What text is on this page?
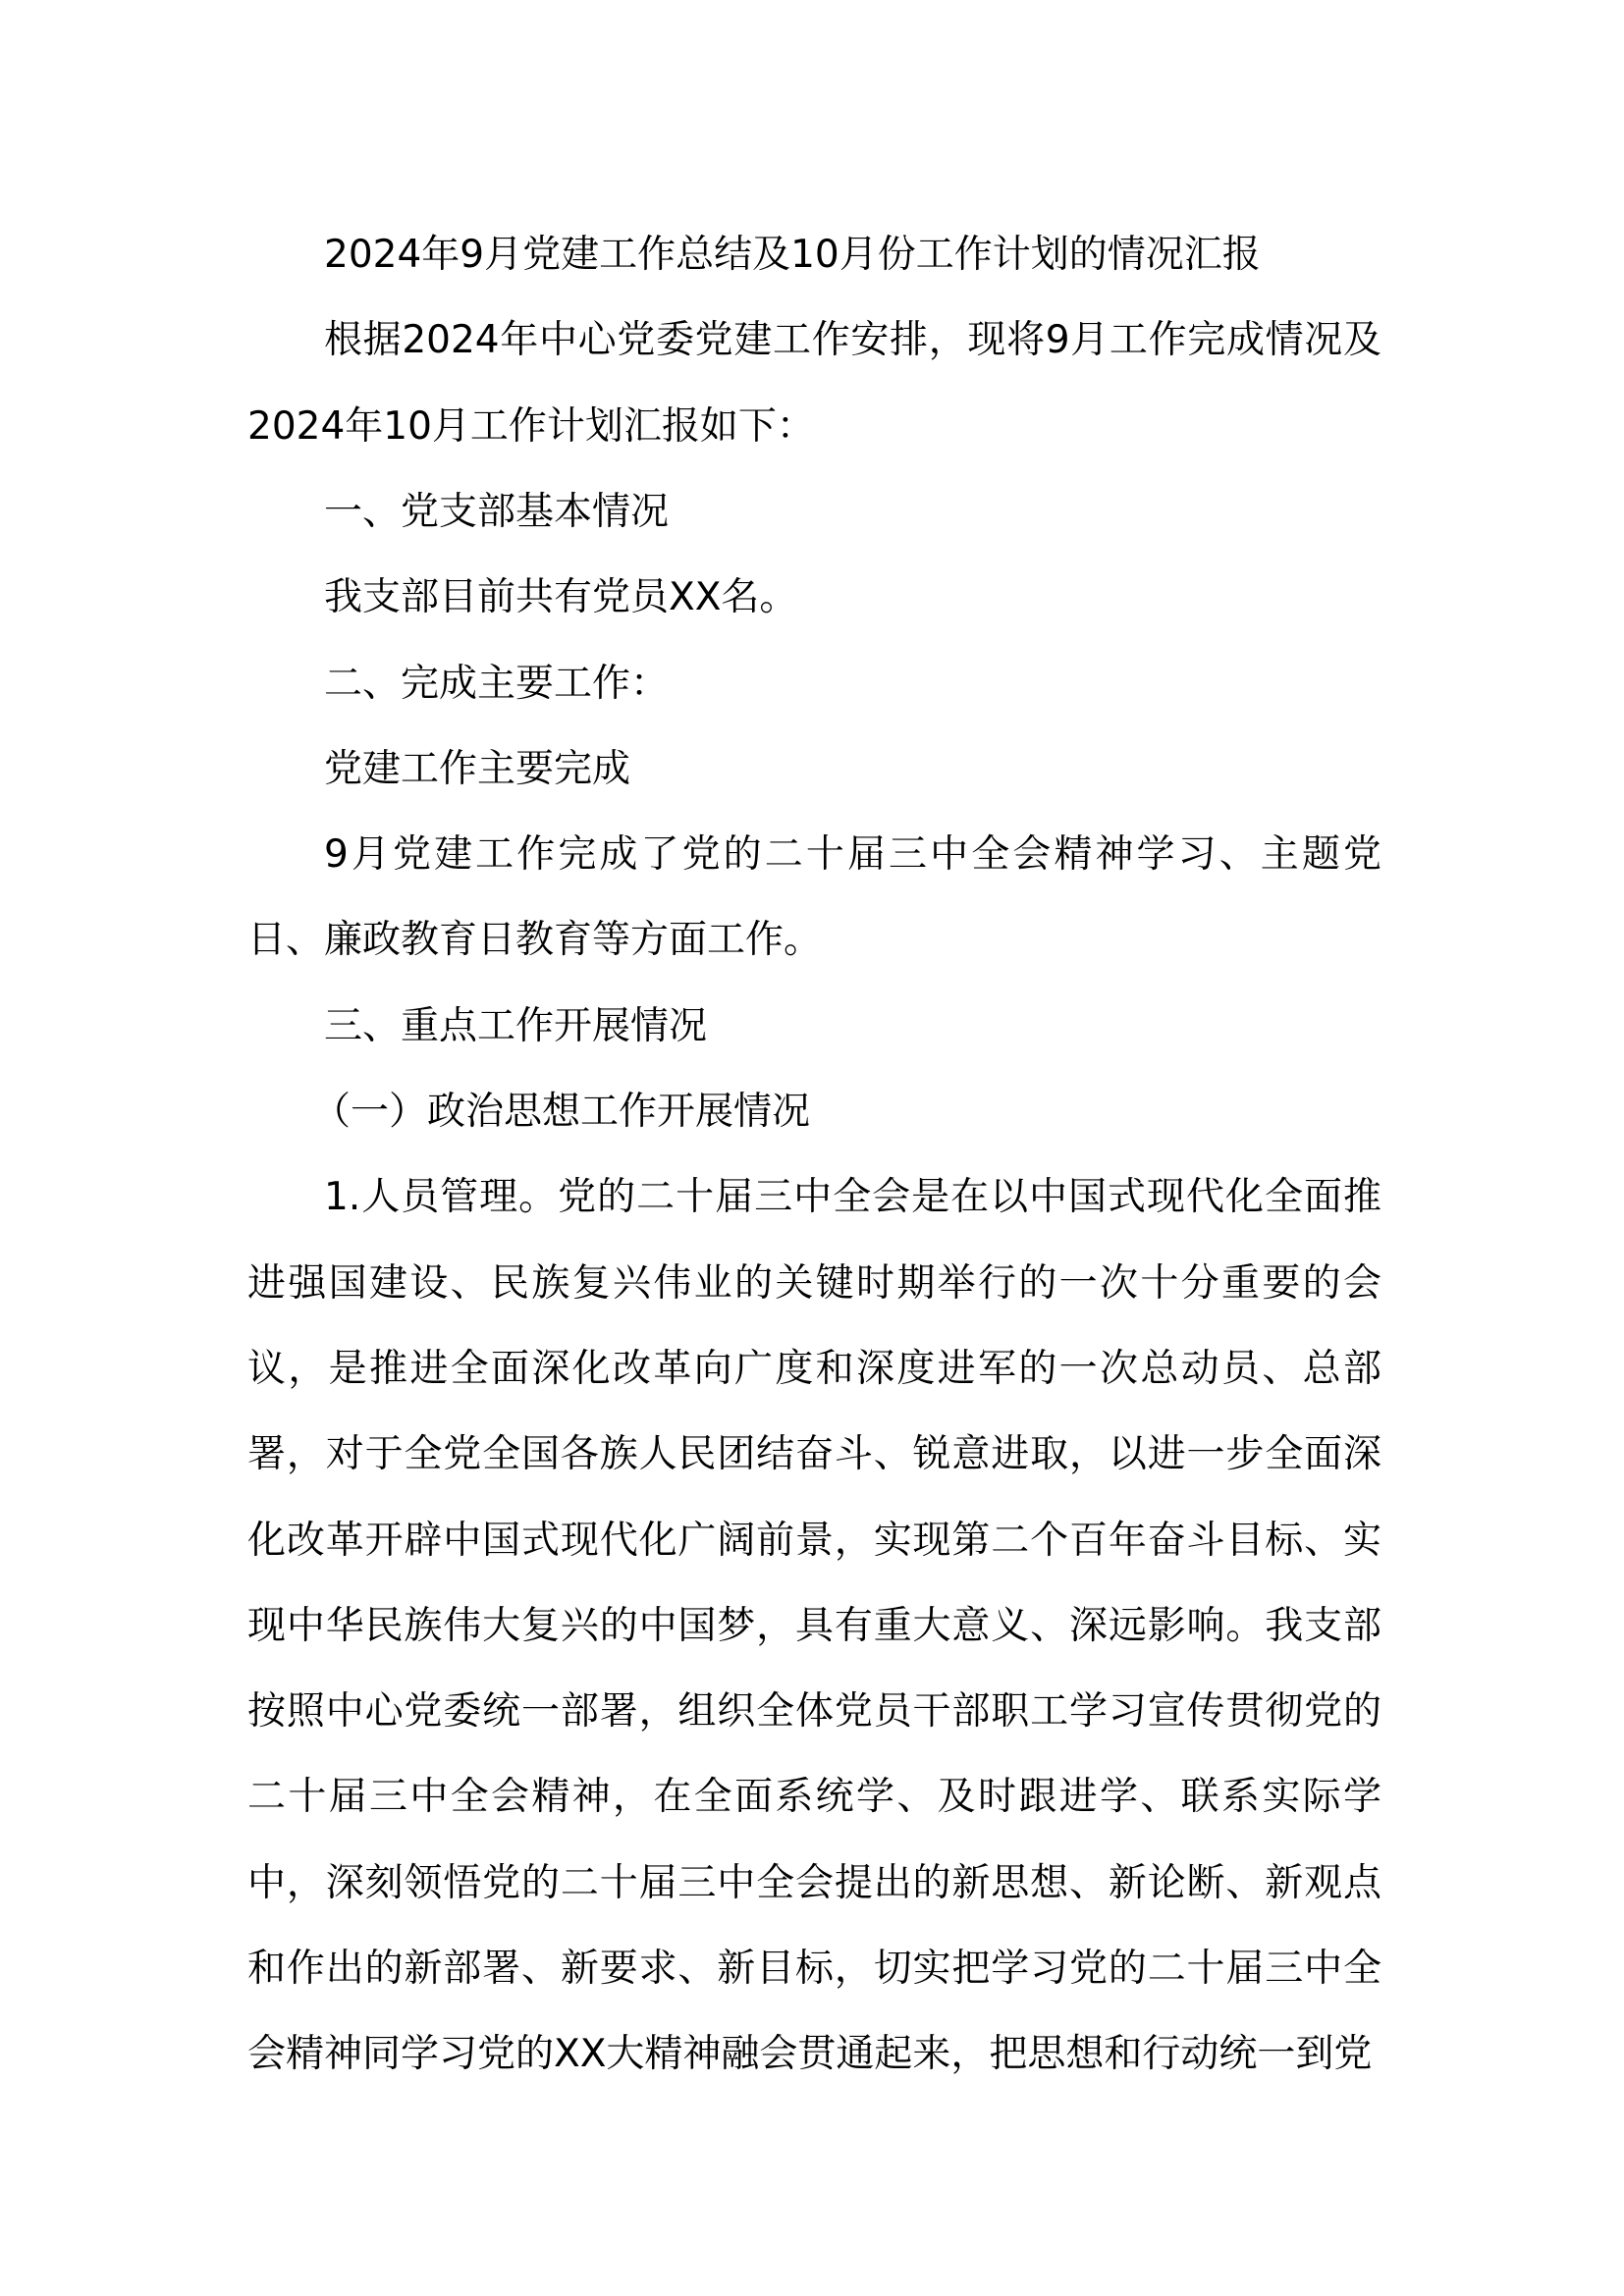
2024年9月党建工作总结及10月份工作计划的情况汇报
根据2024年中心党委党建工作安排，现将9月工作完成情况及
2024年10月工作计划汇报如下：
一、党支部基本情况
我支部目前共有党员XX名。
二、完成主要工作：
党建工作主要完成
9月党建工作完成了党的二十届三中全会精神学习、主题党
日、廉政教育日教育等方面工作。
三、重点工作开展情况
（一）政治思想工作开展情况
1.人员管理。党的二十届三中全会是在以中国式现代化全面推
进强国建设、民族复兴伟业的关键时期举行的一次十分重要的会
议，是推进全面深化改革向广度和深度进军的一次总动员、总部
署，对于全党全国各族人民团结奋斗、锐意进取，以进一步全面深
化改革开辟中国式现代化广阔前景，实现第二个百年奋斗目标、实
现中华民族伟大复兴的中国梦，具有重大意义、深远影响。我支部
按照中心党委统一部署，组织全体党员干部职工学习宣传贯彻党的
二十届三中全会精神，在全面系统学、及时跟进学、联系实际学
中，深刻领悟党的二十届三中全会提出的新思想、新论断、新观点
和作出的新部署、新要求、新目标，切实把学习党的二十届三中全
会精神同学习党的XX大精神融会贯通起来，把思想和行动统一到党
